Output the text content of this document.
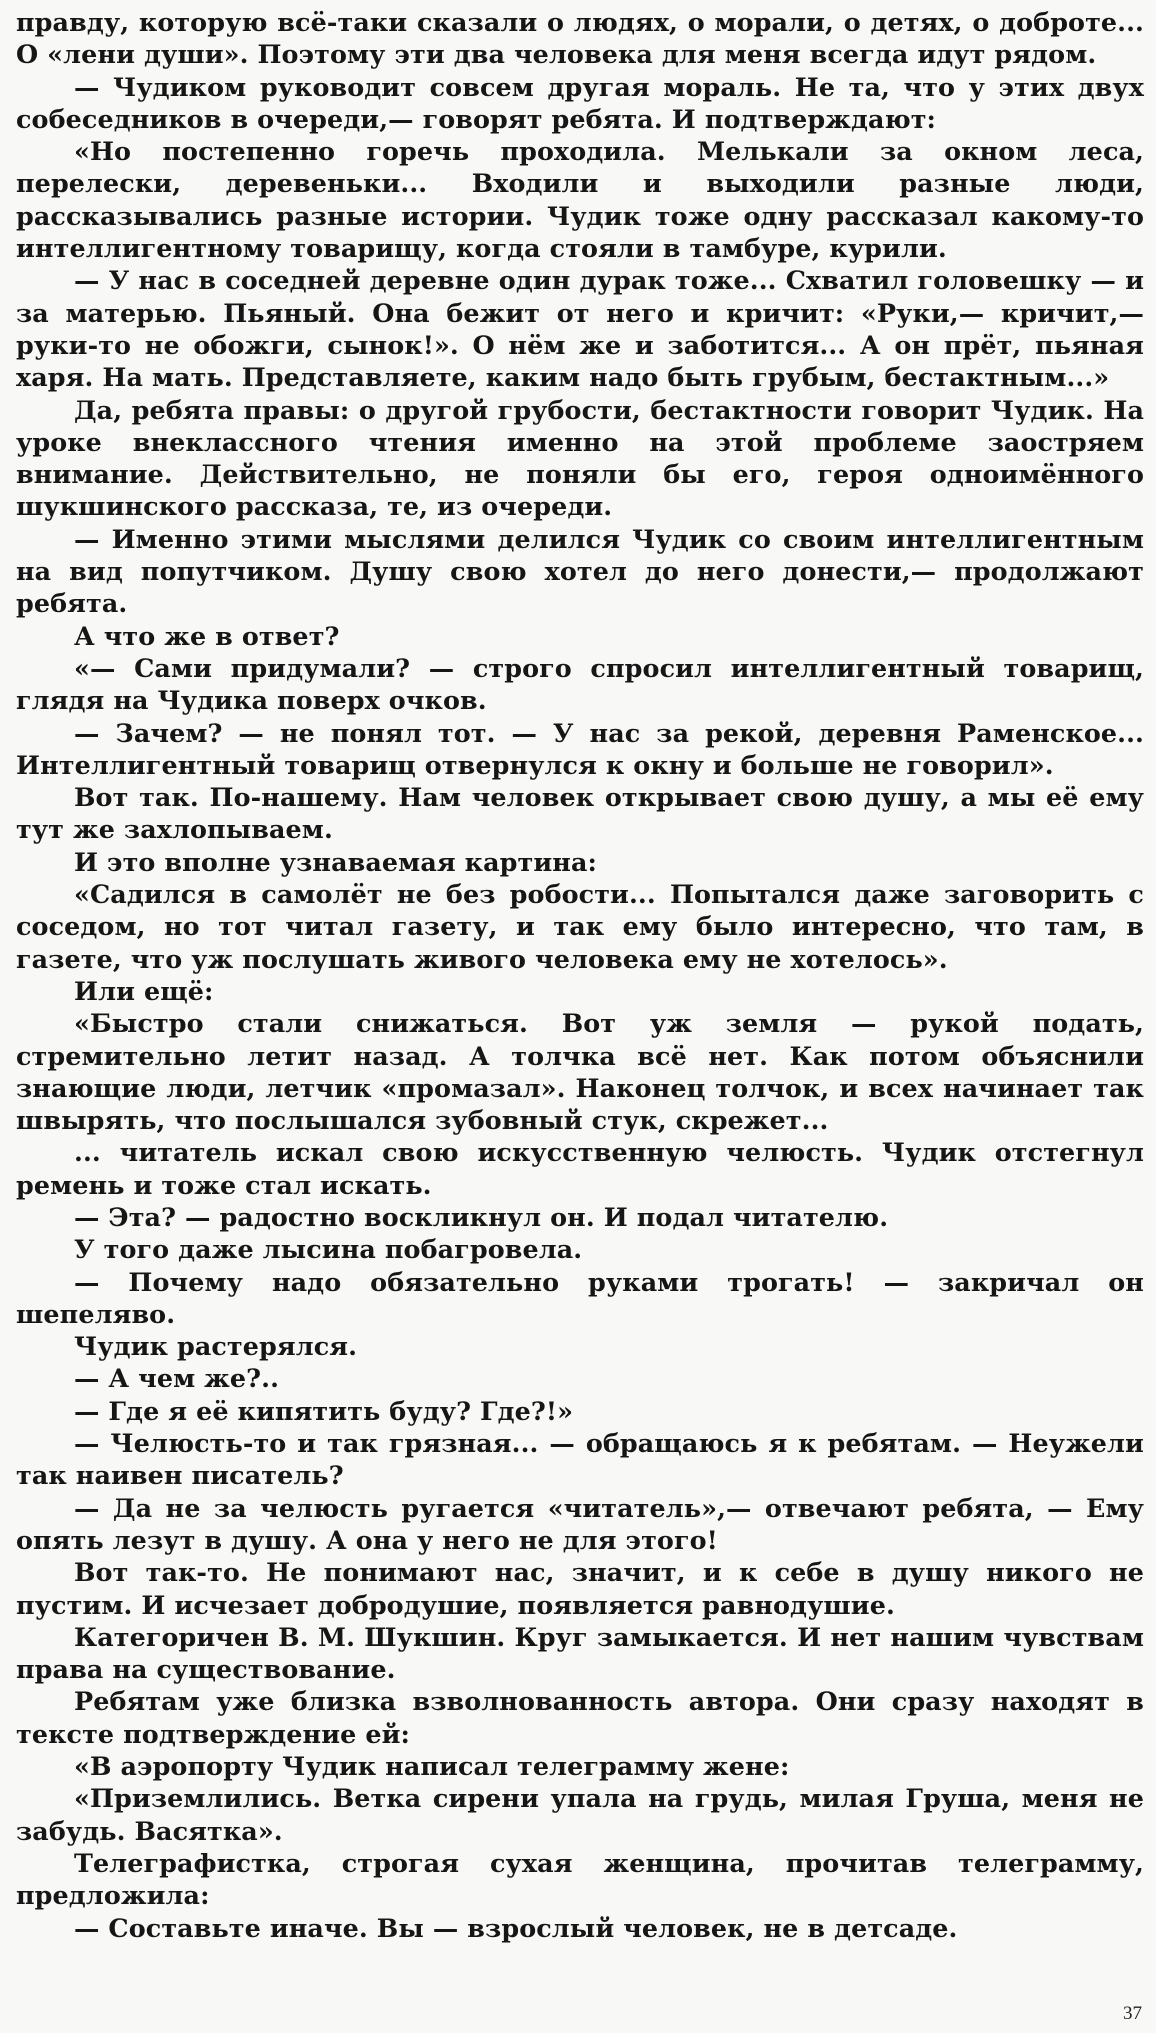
правду, которую всё-таки сказали о людях, о морали, о детях, о доброте... О «лени души». Поэтому эти два человека для меня всегда идут рядом.

— Чудиком руководит совсем другая мораль. Не та, что у этих двух собеседников в очереди,— говорят ребята. И подтверждают:

«Но постепенно горечь проходила. Мелькали за окном леса, перелески, деревеньки... Входили и выходили разные люди, рассказывались разные истории. Чудик тоже одну рассказал какому-то интеллигентному товарищу, когда стояли в тамбуре, курили.

— У нас в соседней деревне один дурак тоже... Схватил головешку — и за матерью. Пьяный. Она бежит от него и кричит: «Руки,— кричит,— руки-то не обожги, сынок!». О нём же и заботится... А он прёт, пьяная харя. На мать. Представляете, каким надо быть грубым, бестактным...»

Да, ребята правы: о другой грубости, бестактности говорит Чудик. На уроке внеклассного чтения именно на этой проблеме заостряем внимание. Действительно, не поняли бы его, героя одноимённого шукшинского рассказа, те, из очереди.

— Именно этими мыслями делился Чудик со своим интеллигентным на вид попутчиком. Душу свою хотел до него донести,— продолжают ребята.

А что же в ответ?

«— Сами придумали? — строго спросил интеллигентный товарищ, глядя на Чудика поверх очков.

— Зачем? — не понял тот. — У нас за рекой, деревня Раменское... Интеллигентный товарищ отвернулся к окну и больше не говорил».

Вот так. По-нашему. Нам человек открывает свою душу, а мы её ему тут же захлопываем.

И это вполне узнаваемая картина:

«Садился в самолёт не без робости... Попытался даже заговорить с соседом, но тот читал газету, и так ему было интересно, что там, в газете, что уж послушать живого человека ему не хотелось».

Или ещё:

«Быстро стали снижаться. Вот уж земля — рукой подать, стремительно летит назад. А толчка всё нет. Как потом объяснили знающие люди, летчик «промазал». Наконец толчок, и всех начинает так швырять, что послышался зубовный стук, скрежет...

... читатель искал свою искусственную челюсть. Чудик отстегнул ремень и тоже стал искать.

— Эта? — радостно воскликнул он. И подал читателю.

У того даже лысина побагровела.

— Почему надо обязательно руками трогать! — закричал он шепеляво.

Чудик растерялся.

— А чем же?..

— Где я её кипятить буду? Где?!»

— Челюсть-то и так грязная... — обращаюсь я к ребятам. — Неужели так наивен писатель?

— Да не за челюсть ругается «читатель»,— отвечают ребята, — Ему опять лезут в душу. А она у него не для этого!

Вот так-то. Не понимают нас, значит, и к себе в душу никого не пустим. И исчезает добродушие, появляется равнодушие.

Категоричен В. М. Шукшин. Круг замыкается. И нет нашим чувствам права на существование.

Ребятам уже близка взволнованность автора. Они сразу находят в тексте подтверждение ей:

«В аэропорту Чудик написал телеграмму жене:

«Приземлились. Ветка сирени упала на грудь, милая Груша, меня не забудь. Васятка».

Телеграфистка, строгая сухая женщина, прочитав телеграмму, предложила:

— Составьте иначе. Вы — взрослый человек, не в детсаде.

37
